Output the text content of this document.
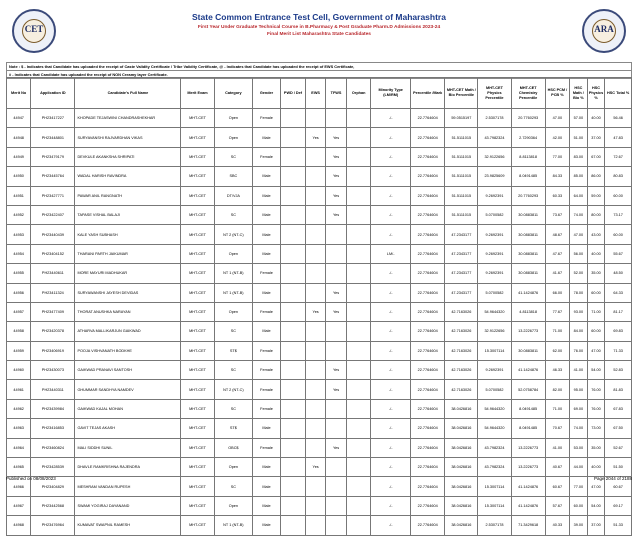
CET
State Common Entrance Test Cell, Government of Maharashtra
First Year Under Graduate Technical Course in B.Pharmacy & Post Graduate Pharm.D Admissions 2023-24
Final Merit List Maharashtra State Candidates
ARA
Note : $ - Indicates that Candidate has uploaded the receipt of Caste Validity Certificate / Tribe Validity Certificate, @ - Indicates that Candidate has uploaded the receipt of EWS Certificate,
# - Indicates that Candidate has uploaded the receipt of NON Creamy layer Certificate.
Merit No	Application ID	Candidate's Full Name	Merit Exam	Category	Gender	PWD / Def	EWS	TFWS	Orphan	Minority Type (LM/RM)	Percentile /Mark	MHT-CET Math / Bio Percentile	MHT-CET Physics Percentile	MHT-CET Chemistry Percentile	HSC PCM / PCB %	HSC Math / Bio %	HSC Physics %	HSC Total %
44947	PH23417227	KHOPADE TEJASWINI CHANDRASHEKHAR	MHT-CET	Open	Female					-/-	22.7764604	59.0515197	2.5307178	20.7760293	47.00	57.00	40.00	56.46
44948	PH23448801	SURYAVANSHI RAJVARDHAN VIKAS	MHT-CET	Open	Male		Yes	Yes		-/-	22.7764604	51.5111015	43.7982324	2.7290364	42.00	51.00	37.00	47.83
44949	PH23479179	DEVKULE AKANKSHA SHRIPATI	MHT-CET	SC	Female			Yes		-/-	22.7764604	51.5111015	32.9122656	8.8113818	77.00	83.00	67.00	72.67
44950	PH23445764	WADAL HARISH RAVINDRA	MHT-CET	SBC	Male			Yes		-/-	22.7764604	51.5111015	23.9825609	8.0491485	84.33	85.00	86.00	80.83
44951	PH23427771	PAWAR ANIL RANGNATH	MHT-CET	DT/VJA	Male			Yes		-/-	22.7764604	51.5111015	9.2692391	20.7760293	60.33	64.00	59.00	60.00
44952	PH23422407	TAPASE VISHAL BALAJI	MHT-CET	SC	Male			Yes		-/-	22.7764604	51.5111015	5.0700582	30.0883811	73.67	74.00	80.00	73.17
44953	PH23440439	KALE YASH SUBHASH	MHT-CET	NT 2 (NT-C)	Male					-/-	22.7764604	47.2343177	9.2692391	30.0883811	48.67	47.00	43.00	60.00
44954	PH23404152	THARANI PARTH JAIKUMAR	MHT-CET	Open	Male					LM/-	22.7764604	47.2343177	9.2692391	30.0883811	47.67	56.00	40.00	55.67
44955	PH23440611	MORE MAYURI MADHUKAR	MHT-CET	NT 1 (NT-B)	Female					-/-	22.7764604	47.2343177	9.2692391	30.0883811	41.67	52.00	35.00	48.50
44956	PH23411324	SURYAWANSHI JAYESH DEVIDAS	MHT-CET	NT 1 (NT-B)	Male			Yes		-/-	22.7764604	47.2343177	5.0700582	41.1424876	66.00	78.00	60.00	64.33
44957	PH23477409	THORAT ANUSHKA NARAYAN	MHT-CET	Open	Female		Yes	Yes		-/-	22.7764604	42.7163026	54.9644320	4.8113818	77.67	93.00	71.00	81.17
44958	PH23420378	ATHARVA MALLIKARJUN GAIKWAD	MHT-CET	SC	Male					-/-	22.7764604	42.7163026	32.9122656	13.2226773	71.00	84.00	60.00	69.83
44959	PH23406919	POOJA VISHVANATH BODKHE	MHT-CET	ST$	Female					-/-	22.7764604	42.7163026	15.3007114	30.0883811	62.00	76.00	47.00	71.33
44960	PH23430073	GAIKWAD PRANAVI SANTOSH	MHT-CET	SC	Female			Yes		-/-	22.7764604	42.7163026	9.2692391	41.1424876	46.33	41.00	54.00	52.83
44961	PH23440311	GHUMMAR SANDHYA NAMDEV	MHT-CET	NT 2 (NT-C)	Female			Yes		-/-	22.7764604	42.7163026	5.0700582	52.0758784	82.00	95.00	76.00	81.83
44962	PH23439984	GAIKWAD KAJAL MOHAN	MHT-CET	SC	Female					-/-	22.7764604	38.0426816	54.9644320	8.0491485	71.00	69.00	76.00	67.83
44963	PH23416853	GAVIT TEJAS AKASH	MHT-CET	ST$	Male					-/-	22.7764604	38.0426816	54.9644320	8.0491485	70.67	74.00	73.00	67.50
44964	PH23460824	MALI SIDDHI SUNIL	MHT-CET	OBC$	Female			Yes		-/-	22.7764604	38.0426816	43.7982324	13.2226773	41.00	53.00	35.00	52.67
44965	PH23428539	DHAVLE RAMKRISHNA RAJENDRA	MHT-CET	Open	Male		Yes			-/-	22.7764604	38.0426816	43.7982324	13.2226773	40.67	44.00	40.00	51.50
44966	PH23404829	MESHRAM VANDAN RUPESH	MHT-CET	SC	Male					-/-	22.7764604	38.0426816	15.3007114	41.1424876	60.67	77.00	47.00	60.67
44967	PH23442568	SWAMI YOGIRAJ DAYANAND	MHT-CET	Open	Male					-/-	22.7764604	38.0426816	15.3007114	41.1424876	57.67	60.00	54.00	69.17
44968	PH23476964	KUMAVAT SWAPNIL RAMESH	MHT-CET	NT 1 (NT-B)	Male					-/-	22.7764604	38.0426816	2.5307178	71.3429618	40.33	39.00	37.00	51.33
Published on 08/08/2023	Page 2044 of 2188
